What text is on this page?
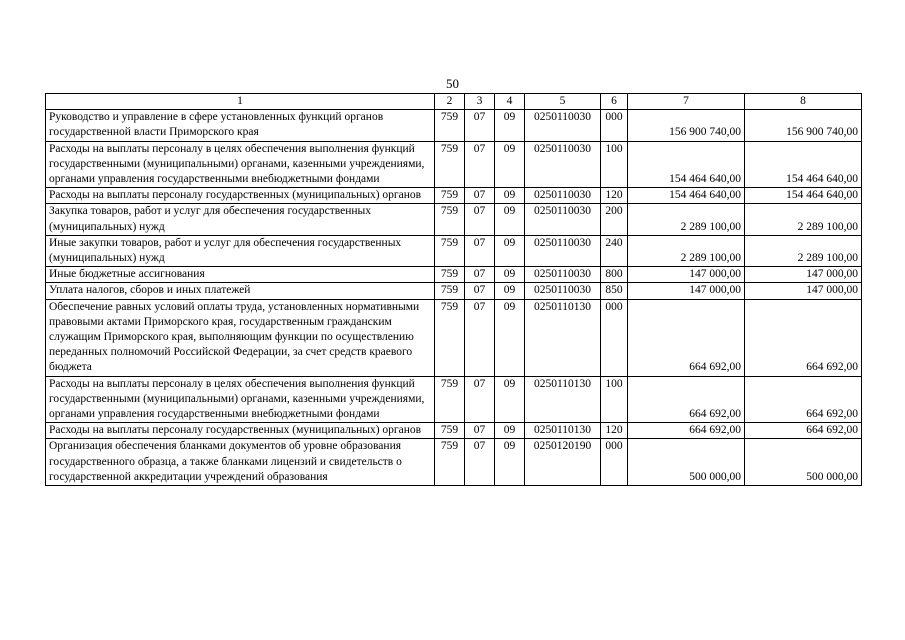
50
1	2	3	4	5	6	7	8
Руководство и управление в сфере установленных функций органов государственной власти Приморского края	759	07	09	0250110030	000	156 900 740,00	156 900 740,00
Расходы на выплаты персоналу в целях обеспечения выполнения функций государственными (муниципальными) органами, казенными учреждениями, органами управления государственными внебюджетными фондами	759	07	09	0250110030	100	154 464 640,00	154 464 640,00
Расходы на выплаты персоналу государственных (муниципальных) органов	759	07	09	0250110030	120	154 464 640,00	154 464 640,00
Закупка товаров, работ и услуг для обеспечения государственных (муниципальных) нужд	759	07	09	0250110030	200	2 289 100,00	2 289 100,00
Иные закупки товаров, работ и услуг для обеспечения государственных (муниципальных) нужд	759	07	09	0250110030	240	2 289 100,00	2 289 100,00
Иные бюджетные ассигнования	759	07	09	0250110030	800	147 000,00	147 000,00
Уплата налогов, сборов и иных платежей	759	07	09	0250110030	850	147 000,00	147 000,00
Обеспечение равных условий оплаты труда, установленных нормативными правовыми актами Приморского края, государственным гражданским служащим Приморского края, выполняющим функции по осуществлению переданных полномочий Российской Федерации, за счет средств краевого бюджета	759	07	09	0250110130	000	664 692,00	664 692,00
Расходы на выплаты персоналу в целях обеспечения выполнения функций государственными (муниципальными) органами, казенными учреждениями, органами управления государственными внебюджетными фондами	759	07	09	0250110130	100	664 692,00	664 692,00
Расходы на выплаты персоналу государственных (муниципальных) органов	759	07	09	0250110130	120	664 692,00	664 692,00
Организация обеспечения бланками документов об уровне образования государственного образца, а также бланками лицензий и свидетельств о государственной аккредитации учреждений образования	759	07	09	0250120190	000	500 000,00	500 000,00
